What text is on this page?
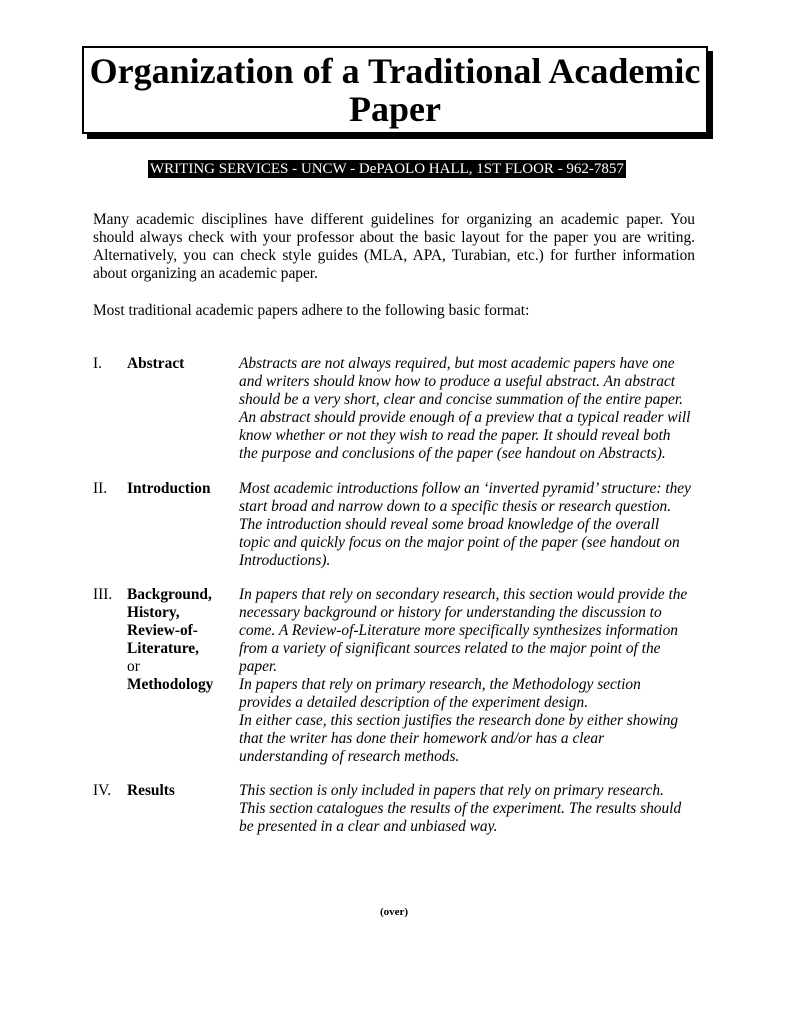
Organization of a Traditional Academic
Paper
WRITING SERVICES - UNCW - DePAOLO HALL, 1ST FLOOR - 962-7857

Many academic disciplines have different guidelines for organizing an academic paper. You should always check with your professor about the basic layout for the paper you are writing. Alternatively, you can check style guides (MLA, APA, Turabian, etc.) for further information about organizing an academic paper.

Most traditional academic papers adhere to the following basic format:

I. Abstract	Abstracts are not always required, but most academic papers have one
and writers should know how to produce a useful abstract. An abstract
should be a very short, clear and concise summation of the entire paper.
An abstract should provide enough of a preview that a typical reader will
know whether or not they wish to read the paper. It should reveal both
the purpose and conclusions of the paper (see handout on Abstracts).
II. Introduction Most academic introductions follow an ‘inverted pyramid’ structure: they
start broad and narrow down to a specific thesis or research question.
The introduction should reveal some broad knowledge of the overall
topic and quickly focus on the major point of the paper (see handout on
Introductions).
III. Background,
History,
Review-of-
Literature,
or
Methodology
In papers that rely on secondary research, this section would provide the
necessary background or history for understanding the discussion to
come. A Review-of-Literature more specifically synthesizes information
from a variety of significant sources related to the major point of the
paper.
In papers that rely on primary research, the Methodology section
provides a detailed description of the experiment design.
In either case, this section justifies the research done by either showing
that the writer has done their homework and/or has a clear
understanding of research methods.
IV. Results	This section is only included in papers that rely on primary research.
This section catalogues the results of the experiment. The results should
be presented in a clear and unbiased way.
(over)
